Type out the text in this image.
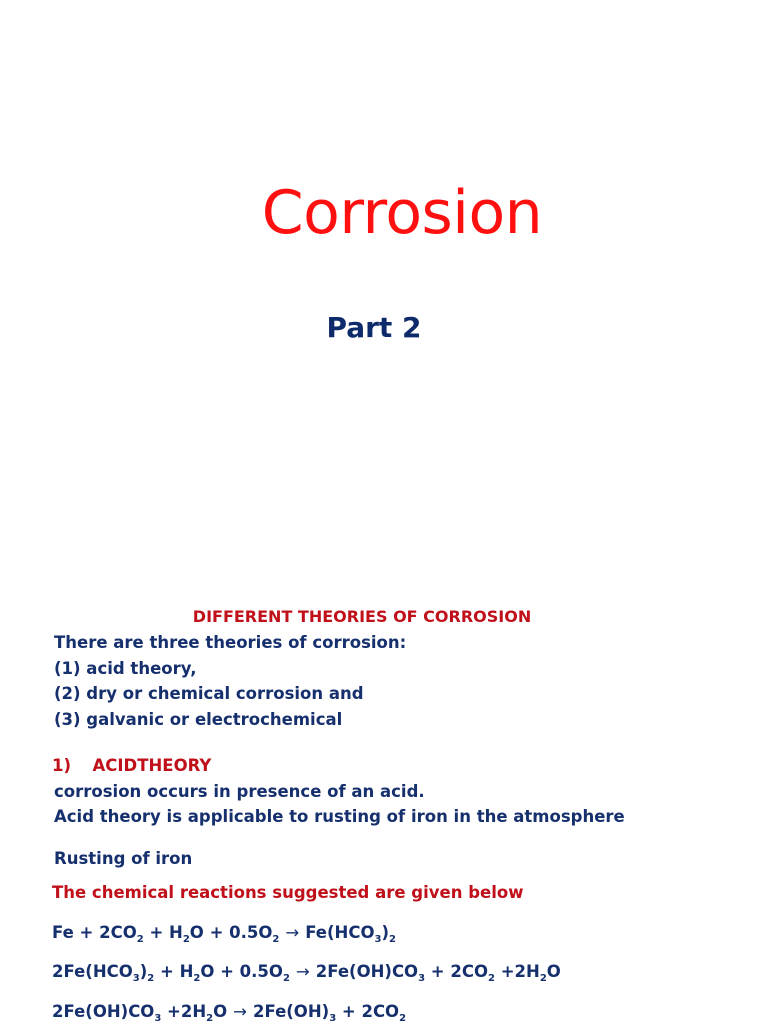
Corrosion
Part 2
DIFFERENT THEORIES OF CORROSION
There are three theories of corrosion:
(1) acid theory,
(2) dry or chemical corrosion and
(3) galvanic or electrochemical
1) ACIDTHEORY
corrosion occurs in presence of an acid.
Acid theory is applicable to rusting of iron in the atmosphere
Rusting of iron
The chemical reactions suggested are given below
$Fe + 2CO_2 + H_2O + 0.5O_2 \to Fe(HCO_3)_2$
$2Fe(HCO_3)_2 + H_2O + 0.5O_2 \to 2Fe(OH)CO_3 + 2CO_2 +2H_2O$
$2Fe(OH)CO_3 +2H_2O \to 2Fe(OH)_3 + 2CO_2$
